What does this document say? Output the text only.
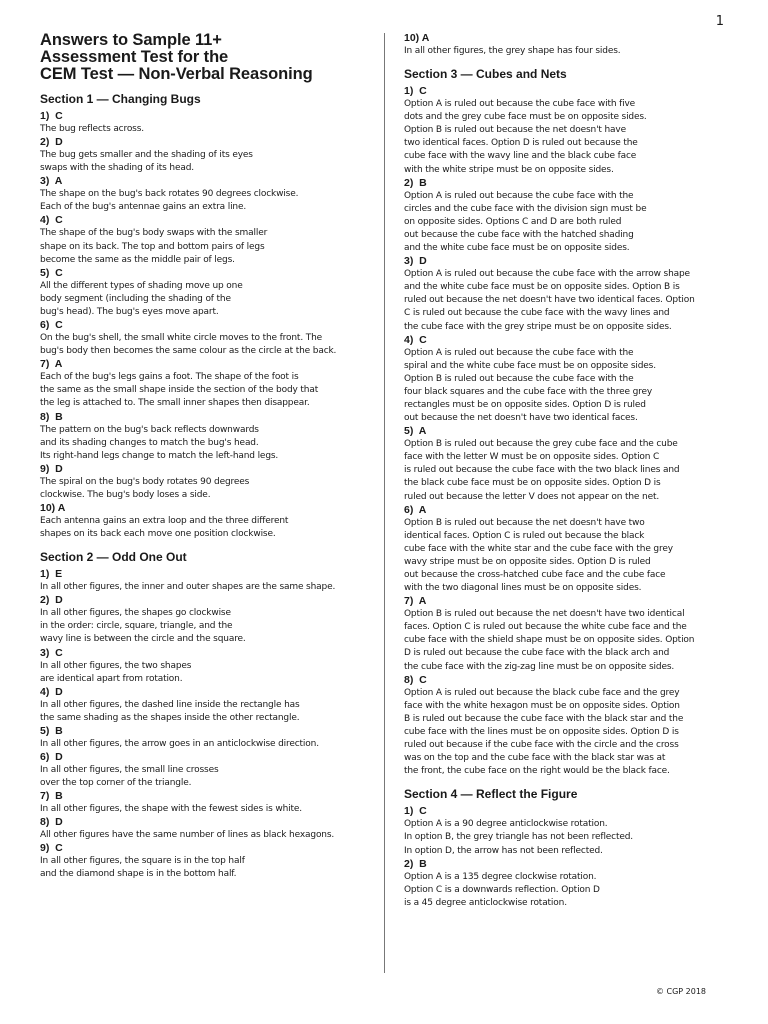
1
Answers to Sample 11+
Assessment Test for the
CEM Test — Non-Verbal Reasoning
Section 1 — Changing Bugs
1)  C
The bug reflects across.
2)  D
The bug gets smaller and the shading of its eyes
swaps with the shading of its head.
3)  A
The shape on the bug's back rotates 90 degrees clockwise.
Each of the bug's antennae gains an extra line.
4)  C
The shape of the bug's body swaps with the smaller
shape on its back. The top and bottom pairs of legs
become the same as the middle pair of legs.
5)  C
All the different types of shading move up one
body segment (including the shading of the
bug's head). The bug's eyes move apart.
6)  C
On the bug's shell, the small white circle moves to the front. The
bug's body then becomes the same colour as the circle at the back.
7)  A
Each of the bug's legs gains a foot. The shape of the foot is
the same as the small shape inside the section of the body that
the leg is attached to. The small inner shapes then disappear.
8)  B
The pattern on the bug's back reflects downwards
and its shading changes to match the bug's head.
Its right-hand legs change to match the left-hand legs.
9)  D
The spiral on the bug's body rotates 90 degrees
clockwise. The bug's body loses a side.
10) A
Each antenna gains an extra loop and the three different
shapes on its back each move one position clockwise.
Section 2 — Odd One Out
1)  E
In all other figures, the inner and outer shapes are the same shape.
2)  D
In all other figures, the shapes go clockwise
in the order: circle, square, triangle, and the
wavy line is between the circle and the square.
3)  C
In all other figures, the two shapes
are identical apart from rotation.
4)  D
In all other figures, the dashed line inside the rectangle has
the same shading as the shapes inside the other rectangle.
5)  B
In all other figures, the arrow goes in an anticlockwise direction.
6)  D
In all other figures, the small line crosses
over the top corner of the triangle.
7)  B
In all other figures, the shape with the fewest sides is white.
8)  D
All other figures have the same number of lines as black hexagons.
9)  C
In all other figures, the square is in the top half
and the diamond shape is in the bottom half.
10) A
In all other figures, the grey shape has four sides.
Section 3 — Cubes and Nets
1)  C
Option A is ruled out because the cube face with five
dots and the grey cube face must be on opposite sides.
Option B is ruled out because the net doesn't have
two identical faces. Option D is ruled out because the
cube face with the wavy line and the black cube face
with the white stripe must be on opposite sides.
2)  B
Option A is ruled out because the cube face with the
circles and the cube face with the division sign must be
on opposite sides. Options C and D are both ruled
out because the cube face with the hatched shading
and the white cube face must be on opposite sides.
3)  D
Option A is ruled out because the cube face with the arrow shape
and the white cube face must be on opposite sides. Option B is
ruled out because the net doesn't have two identical faces. Option
C is ruled out because the cube face with the wavy lines and
the cube face with the grey stripe must be on opposite sides.
4)  C
Option A is ruled out because the cube face with the
spiral and the white cube face must be on opposite sides.
Option B is ruled out because the cube face with the
four black squares and the cube face with the three grey
rectangles must be on opposite sides. Option D is ruled
out because the net doesn't have two identical faces.
5)  A
Option B is ruled out because the grey cube face and the cube
face with the letter W must be on opposite sides. Option C
is ruled out because the cube face with the two black lines and
the black cube face must be on opposite sides. Option D is
ruled out because the letter V does not appear on the net.
6)  A
Option B is ruled out because the net doesn't have two
identical faces. Option C is ruled out because the black
cube face with the white star and the cube face with the grey
wavy stripe must be on opposite sides. Option D is ruled
out because the cross-hatched cube face and the cube face
with the two diagonal lines must be on opposite sides.
7)  A
Option B is ruled out because the net doesn't have two identical
faces. Option C is ruled out because the white cube face and the
cube face with the shield shape must be on opposite sides. Option
D is ruled out because the cube face with the black arch and
the cube face with the zig-zag line must be on opposite sides.
8)  C
Option A is ruled out because the black cube face and the grey
face with the white hexagon must be on opposite sides. Option
B is ruled out because the cube face with the black star and the
cube face with the lines must be on opposite sides. Option D is
ruled out because if the cube face with the circle and the cross
was on the top and the cube face with the black star was at
the front, the cube face on the right would be the black face.
Section 4 — Reflect the Figure
1)  C
Option A is a 90 degree anticlockwise rotation.
In option B, the grey triangle has not been reflected.
In option D, the arrow has not been reflected.
2)  B
Option A is a 135 degree clockwise rotation.
Option C is a downwards reflection. Option D
is a 45 degree anticlockwise rotation.
© CGP 2018
